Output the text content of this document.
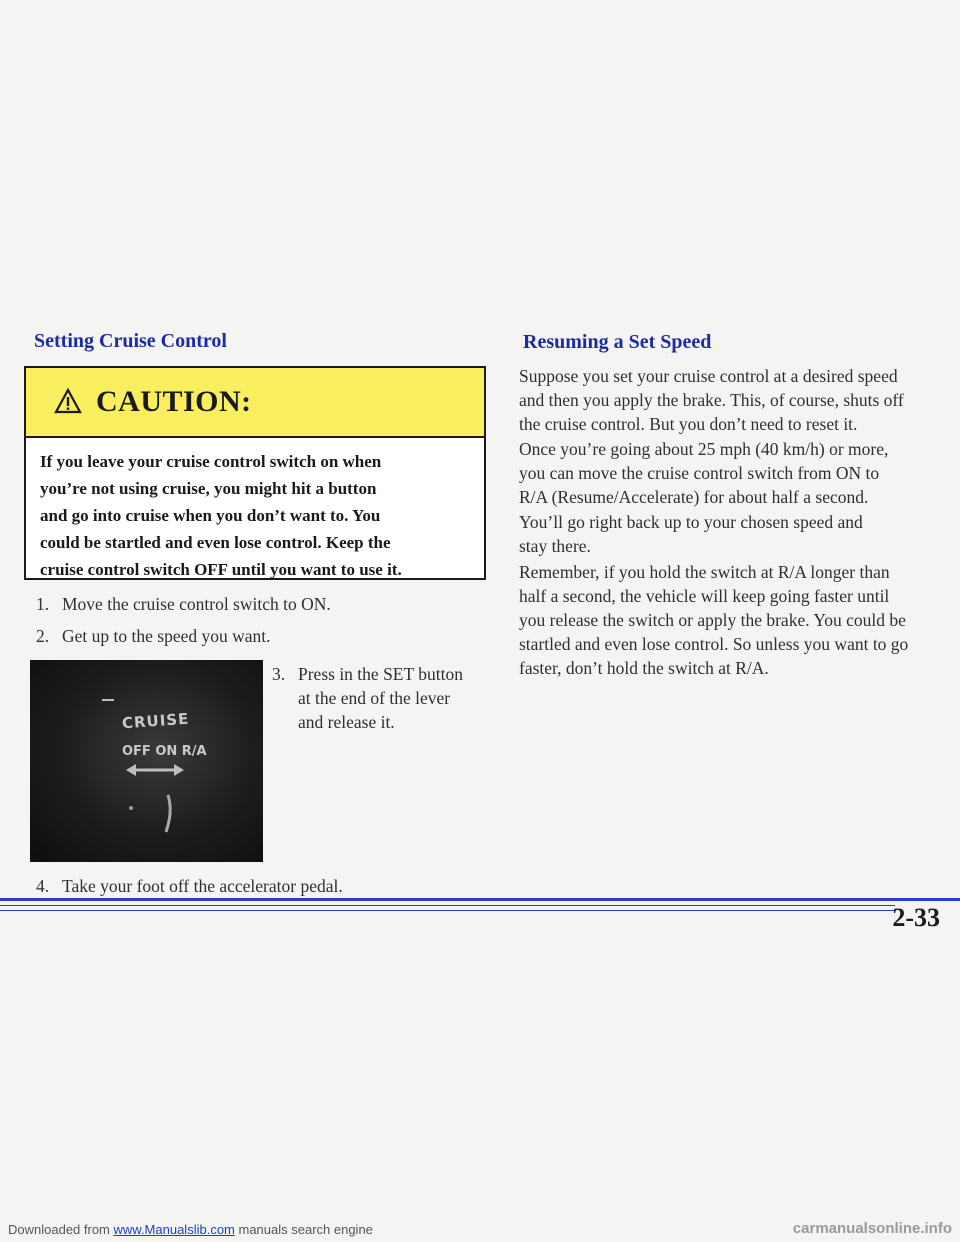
Setting Cruise Control
CAUTION:
If you leave your cruise control switch on when
you’re not using cruise, you might hit a button
and go into cruise when you don’t want to. You
could be startled and even lose control. Keep the
cruise control switch OFF until you want to use it.
1. Move the cruise control switch to ON.
2. Get up to the speed you want.
CRUISE
OFF ON R/A
3. Press in the SET button
at the end of the lever
and release it.
4. Take your foot off the accelerator pedal.
Resuming a Set Speed
Suppose you set your cruise control at a desired speed
and then you apply the brake. This, of course, shuts off
the cruise control. But you don’t need to reset it.
Once you’re going about 25 mph (40 km/h) or more,
you can move the cruise control switch from ON to
R/A (Resume/Accelerate) for about half a second.
You’ll go right back up to your chosen speed and
stay there.
Remember, if you hold the switch at R/A longer than
half a second, the vehicle will keep going faster until
you release the switch or apply the brake. You could be
startled and even lose control. So unless you want to go
faster, don’t hold the switch at R/A.
2-33
Downloaded from www.Manualslib.com manuals search engine	carmanualsonline.info
